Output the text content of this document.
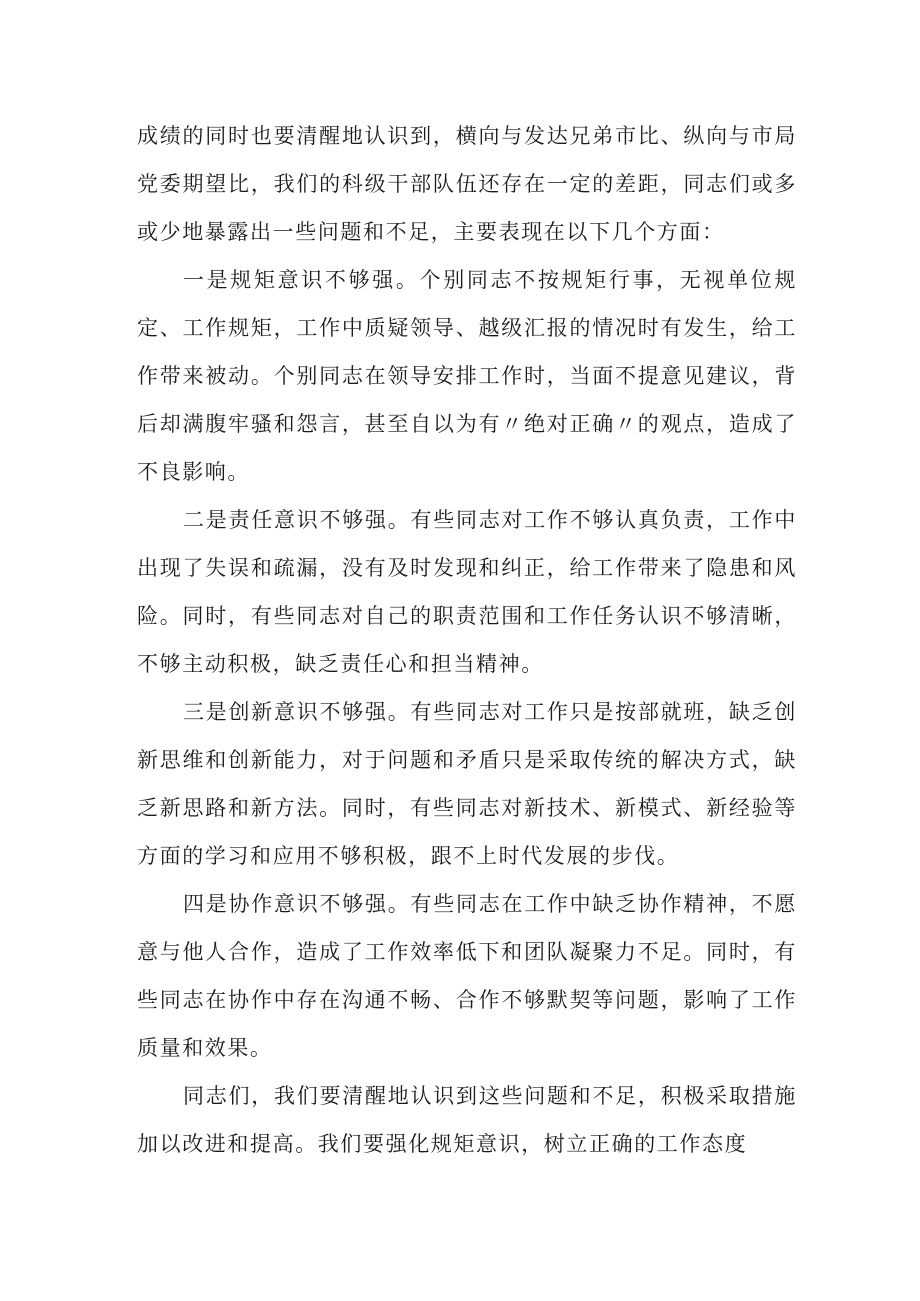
成绩的同时也要清醒地认识到，横向与发达兄弟市比、纵向与市局党委期望比，我们的科级干部队伍还存在一定的差距，同志们或多或少地暴露出一些问题和不足，主要表现在以下几个方面：

一是规矩意识不够强。个别同志不按规矩行事，无视单位规定、工作规矩，工作中质疑领导、越级汇报的情况时有发生，给工作带来被动。个别同志在领导安排工作时，当面不提意见建议，背后却满腹牢骚和怨言，甚至自以为有〃绝对正确〃的观点，造成了不良影响。

二是责任意识不够强。有些同志对工作不够认真负责，工作中出现了失误和疏漏，没有及时发现和纠正，给工作带来了隐患和风险。同时，有些同志对自己的职责范围和工作任务认识不够清晰，不够主动积极，缺乏责任心和担当精神。

三是创新意识不够强。有些同志对工作只是按部就班，缺乏创新思维和创新能力，对于问题和矛盾只是采取传统的解决方式，缺乏新思路和新方法。同时，有些同志对新技术、新模式、新经验等方面的学习和应用不够积极，跟不上时代发展的步伐。

四是协作意识不够强。有些同志在工作中缺乏协作精神，不愿意与他人合作，造成了工作效率低下和团队凝聚力不足。同时，有些同志在协作中存在沟通不畅、合作不够默契等问题，影响了工作质量和效果。

同志们，我们要清醒地认识到这些问题和不足，积极采取措施加以改进和提高。我们要强化规矩意识，树立正确的工作态度
